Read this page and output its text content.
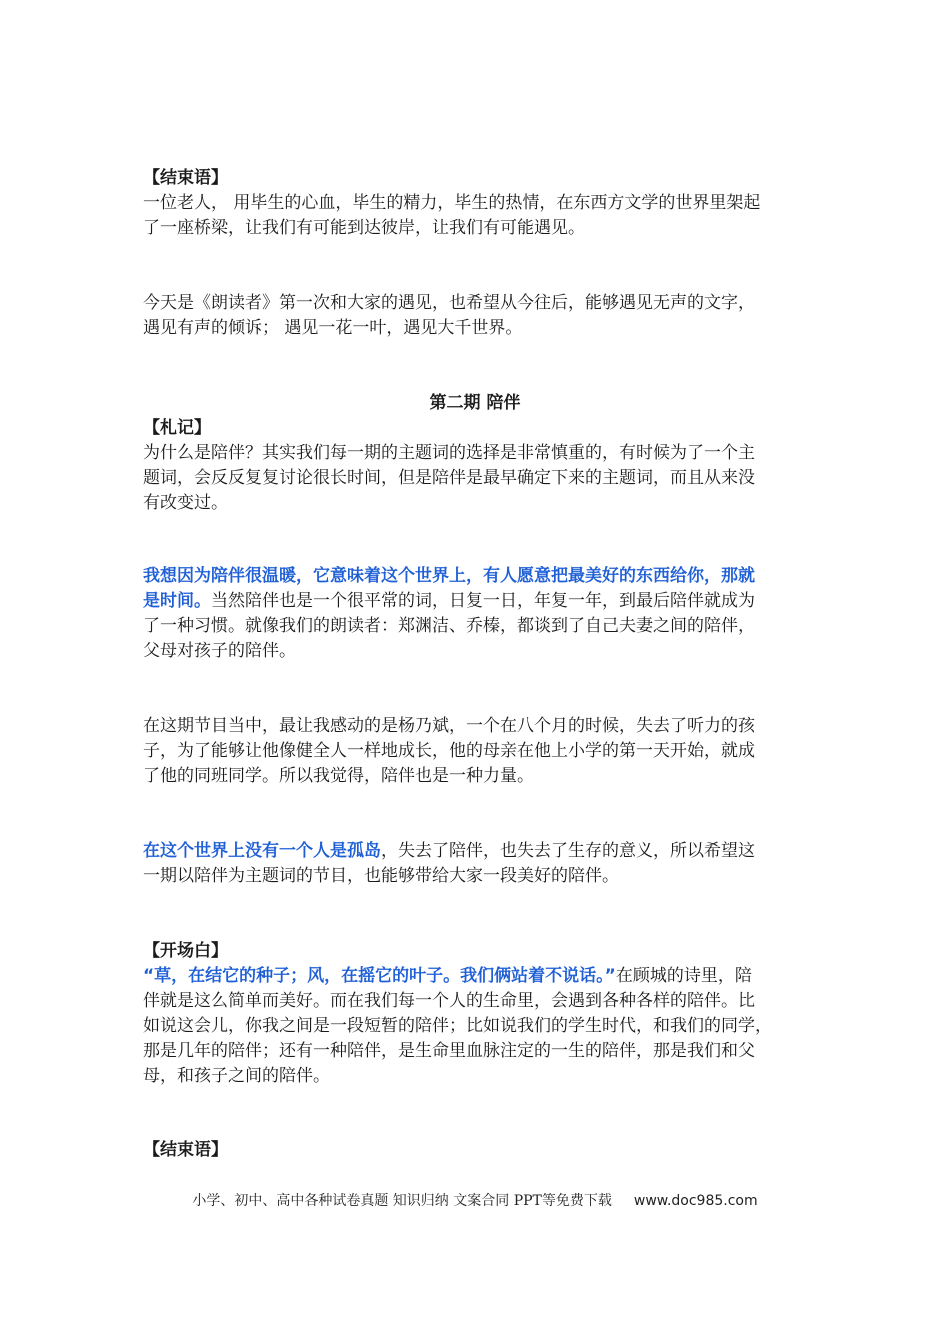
【结束语】
一位老人， 用毕生的心血，毕生的精力，毕生的热情，在东西方文学的世界里架起
了一座桥梁，让我们有可能到达彼岸，让我们有可能遇见。
今天是《朗读者》第一次和大家的遇见，也希望从今往后，能够遇见无声的文字，
遇见有声的倾诉； 遇见一花一叶，遇见大千世界。
第二期 陪伴
【札记】
为什么是陪伴？其实我们每一期的主题词的选择是非常慎重的，有时候为了一个主
题词，会反反复复讨论很长时间，但是陪伴是最早确定下来的主题词，而且从来没
有改变过。
我想因为陪伴很温暖，它意味着这个世界上，有人愿意把最美好的东西给你，那就
是时间。当然陪伴也是一个很平常的词，日复一日，年复一年，到最后陪伴就成为
了一种习惯。就像我们的朗读者：郑渊洁、乔榛，都谈到了自己夫妻之间的陪伴，
父母对孩子的陪伴。
在这期节目当中，最让我感动的是杨乃斌，一个在八个月的时候，失去了听力的孩
子，为了能够让他像健全人一样地成长，他的母亲在他上小学的第一天开始，就成
了他的同班同学。所以我觉得，陪伴也是一种力量。
在这个世界上没有一个人是孤岛，失去了陪伴，也失去了生存的意义，所以希望这
一期以陪伴为主题词的节目，也能够带给大家一段美好的陪伴。
【开场白】
“草，在结它的种子；风，在摇它的叶子。我们俩站着不说话。”在顾城的诗里，陪
伴就是这么简单而美好。而在我们每一个人的生命里，会遇到各种各样的陪伴。比
如说这会儿，你我之间是一段短暂的陪伴；比如说我们的学生时代，和我们的同学，
那是几年的陪伴；还有一种陪伴，是生命里血脉注定的一生的陪伴，那是我们和父
母，和孩子之间的陪伴。
【结束语】
小学、初中、高中各种试卷真题 知识归纳 文案合同 PPT等免费下载 www.doc985.com
